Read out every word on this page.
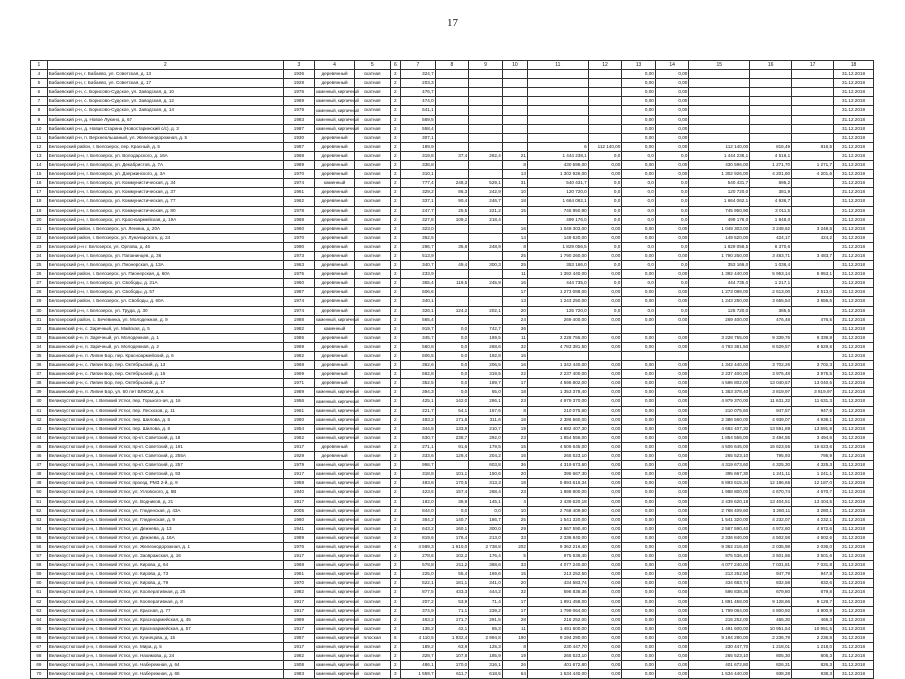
17
1	2	3	4	5	6	7	8	9	10	11	12	13	14	15	16	17	18
4	Бабаевский р-н, г. Бабаево, ул. Советская, д. 13	1936	деревянный	скатная	2	324,7						0,00	0,00				31.12.2018
5	Бабаевский р-н, г. Бабаево, ул. Советская, д. 17	1928	деревянный	скатная	2	203,3						0,00	0,00				31.12.2018
6	Бабаевский р-н, с. Борисово-Судское, ул. Заводская, д. 10	1976	каменный, кирпичный	скатная	2	476,7						0,00	0,00				31.12.2018
7	Бабаевский р-н, с. Борисово-Судское, ул. Заводская, д. 12	1969	каменный, кирпичный	скатная	2	474,0						0,00	0,00				31.12.2018
8	Бабаевский р-н, с. Борисово-Судское, ул. Заводская, д. 14	1979	каменный, кирпичный	скатная	2	541,1						0,00	0,00				31.12.2018
9	Бабаевский р-н, д. Новое Лукино, д. 67	1983	каменный, кирпичный	скатная	2	569,5						0,00	0,00				31.12.2018
10	Бабаевский р-н, д. Новая Старина (Новостаринский с/с), д. 3	1987	каменный, кирпичный	скатная	2	558,4						0,00	0,00				31.12.2018
11	Бабаевский р-н, п. Верхнеольшаный, ул. Железнодорожная, д. 5	1930	деревянный	скатная	2	307,1						0,00	0,00				31.12.2018
12	Белозерский район, г. Белозерск, пер. Красный, д. 5	1987	деревянный	скатная	2	189,9				6	112 140,00	0,00	0,00	112 140,00	816,49	816,5	31.12.2018
13	Белозерский р-н, г. Белозерск, ул. Володарского, д. 16А	1968	деревянный	скатная	2	319,8	37,4	262,4	21	1 444 238,1	0,0	0,0	0,0	1 444 238,1	4 516,1		31.12.2018
14	Белозерский р-н, г. Белозерск, ул. Декабристов, д. 7А	1989	деревянный	скатная	2	338,8			8	430 596,00	0,00	0,00	0,00	430 596,00	1 271,70	1 271,7	31.12.2018
15	Белозерский р-н, г. Белозерск, ул. Дзержинского, д. 3А	1970	деревянный	скатная	2	310,1			13	1 302 926,00	0,00	0,00	0,00	1 302 926,00	4 201,60	4 201,6	31.12.2018
16	Белозерский р-н, г. Белозерск, ул. Коммунистическая, д. 34	1974	каменный	скатная	2	777,4	248,3	529,1	31	540 431,7	0,0	0,0	0,0	540 431,7	695,2		31.12.2018
17	Белозерский р-н, г. Белозерск, ул. Коммунистическая, д. 37	1961	деревянный	скатная	2	329,2	86,3	242,9	10	120 720,0	0,0	0,0	0,0	120 720,0	381,9		31.12.2018
18	Белозерский р-н, г. Белозерск, ул. Коммунистическая, д. 77	1962	деревянный	скатная	2	337,1	90,4	246,7	18	1 664 062,1	0,0	0,0	0,0	1 664 062,1	4 936,7		31.12.2018
19	Белозерский р-н, г. Белозерск, ул. Коммунистическая, д. 80	1978	деревянный	скатная	2	247,7	25,5	221,2	15	745 950,90	0,0	0,0	0,0	745 950,90	3 011,5		31.12.2018
20	Белозерский р-н, г. Белозерск, ул. Красноармейская, д. 19А	1968	деревянный	скатная	2	327,8	109,2	218,4		499 176,0	0,0	0,0	0,0	499 176,0	1 848,0		31.12.2018
21	Белозерский район, г. Белозерск, ул. Ленина, д. 20А	1960	деревянный	скатная	2	323,0			16	1 049 303,00	0,00	0,00	0,00	1 049 303,00	3 248,62	3 248,6	31.12.2018
22	Белозерский район, г. Белозерск, ул. Луначарского, д. 24	1970	деревянный	скатная	2	352,5			14	149 520,00	0,00	0,00	0,00	149 520,00	424,17	424,2	31.12.2018
23	Белозерский р-н г. Белозерск, ул. Орлова, д. 46	1990	деревянный	скатная	2	296,7	35,8	248,9	8	1 829 056,5	0,0	0,0	0,0	1 829 056,5	6 370,6		31.12.2018
24	Белозерский р-н, г. Белозерск, ул. Папанинцев, д. 36	1973	деревянный	скатная	2	513,9			25	1 790 260,00	0,00	0,00	0,00	1 790 260,00	3 483,71	3 483,7	31.12.2018
25	Белозерский р-н, г. Белозерск, ул. Пионерская, д. 13А	1963	деревянный	скатная	2	340,7	49,4	300,3	25	353 166,0	0,0	0,0	0,0	353 166,0	1 036,4		31.12.2018
26	Белозерский район, г. Белозерск, ул. Пионерская, д. 60А	1975	деревянный	скатная	2	233,9			11	1 392 440,00	0,00	0,00	0,00	1 392 440,00	5 953,14	5 953,1	31.12.2018
27	Белозерский р-н, г. Белозерск, ул. Свободы, д. 21А	1960	деревянный	скатная	2	365,4	119,5	245,9	16	444 735,0	0,0	0,0	0,0	444 735,0	1 217,1		31.12.2018
28	Белозерский р-н, г. Белозерск, ул. Свободы, д. 57	1987	деревянный	скатная	2	506,6			17	1 273 088,00	0,00	0,00	0,00	1 273 088,00	2 513,00	2 513,0	31.12.2018
29	Белозерский район, г. Белозерск, ул. Свободы, д. 60А	1974	деревянный	скатная	2	340,1			13	1 243 250,00	0,00	0,00	0,00	1 243 250,00	3 655,54	3 655,5	31.12.2018
30	Белозерский р-н, г. Белозерск, ул. Труда, д. 30	1974	деревянный	скатная	2	326,1	124,2	202,1	20	125 720,0	0,0	0,0	0,0	125 720,0	385,5		31.12.2018
31	Белозерский район, с. Бечевинка, ул. Молодежная, д. 9	1988	каменный, кирпичный	скатная	2	565,4			24	269 400,00	0,00	0,00	0,00	269 400,00	476,48	476,5	31.12.2018
32	Вашкинский р-н, с. Заречный, ул. Майская, д. 5	1982	каменный	скатная	2	919,7	0,0	742,7	36								31.12.2018
33	Вашкинский р-н, п. Заречный, ул. Молодежная, д. 1	1986	деревянный	скатная	2	345,7	0,0	169,5	11	3 228 755,00	0,00	0,00	0,00	3 228 755,00	9 339,76	9 339,8	31.12.2018
34	Вашкинский р-н, п. Заречный, ул. Молодежная, д. 2	1969	деревянный	скатная	2	560,8	0,0	268,6	32	4 783 381,50	0,00	0,00	0,00	4 783 381,50	8 529,57	8 529,6	31.12.2018
35	Вашкинский р-н, п. Липин Бор, пер. Красноармейский, д. 6	1982	деревянный	скатная	2	506,5	0,0	192,8	16								31.12.2018
36	Вашкинский р-н, с. Липин Бор, пер. Октябрьский, д. 13	1968	деревянный	скатная	2	362,6	0,0	206,5	16	1 342 440,00	0,00	0,00	0,00	1 342 440,00	3 702,26	3 702,3	31.12.2018
37	Вашкинский р-н, с. Липин Бор, пер. Октябрьский, д. 15	1969	деревянный	скатная	2	562,8	0,0	319,5	22	2 237 400,00	0,00	0,00	0,00	2 237 400,00	3 975,48	3 975,5	31.12.2018
38	Вашкинский р-н, с. Липин Бор, пер. Октябрьский, д. 17	1971	деревянный	скатная	2	352,5	0,0	189,7	17	4 596 802,00	0,00	0,00	0,00	4 596 802,00	13 040,57	13 040,6	31.12.2018
39	Вашкинский р-н, п. Липин Бор, ул. 60 лет ВЛКСМ, д. 6	1989	каменный, кирпичный	скатная	2	394,3	0,0	65,0	18	1 353 378,40	0,00	0,00	0,00	1 353 378,40	3 819,97	3 819,97	31.12.2018
40	Великоустюгский р-н, г. Великий Устюг, пер. Горького-ая, д. 16	1956	каменный, кирпичный	скатная	2	425,1	142,0	286,1	23	4 979 370,00	0,00	0,00	0,00	4 979 370,00	11 631,32	11 631,3	31.12.2018
41	Великоустюгский р-н, г. Великий Устюг, пер. Лесхозов, д. 11	1961	каменный, кирпичный	скатная	2	221,7	54,1	167,6	8	210 075,60	0,00	0,00	0,00	210 075,60	947,57	947,6	31.12.2018
42	Великоустюгский р-н, г. Великий Устюг, пер. Шилова, д. 6	1960	каменный, кирпичный	скатная	2	483,2	171,8	311,6	18	2 386 560,00	0,00	0,00	0,00	2 386 560,00	4 939,07	4 939,1	31.12.2018
43	Великоустюгский р-н, г. Великий Устюг, пер. Шилова, д. 8	1954	каменный, кирпичный	скатная	2	344,5	133,8	210,7	19	4 682 407,30	0,00	0,00	0,00	4 682 407,30	13 591,89	13 591,9	31.12.2018
44	Великоустюгский р-н, г. Великий Устюг, пр-кт. Советский, д. 18	1962	каменный, кирпичный	скатная	2	630,7	238,7	292,0	23	1 854 556,00	0,00	0,00	0,00	1 854 556,00	3 494,55	3 494,6	31.12.2018
45	Великоустюгский р-н, г. Великий Устюг, пр-кт. Советский, д. 191	1917	деревянный	скатная	2	271,1	91,6	179,5	15	4 506 645,00	0,00	0,00	0,00	4 506 645,00	16 623,55	16 623,6	31.12.2018
46	Великоустюгский р-н, г. Великий Устюг, пр-кт. Советский, д. 255А	1929	деревянный	скатная	2	333,6	129,4	204,2	16	265 523,10	0,00	0,00	0,00	265 523,10	795,93	795,9	31.12.2018
47	Великоустюгский р-н, г. Великий Устюг, пр-кт. Советский, д. 257	1979	каменный, кирпичный	скатная	2	998,7		603,8	36	4 319 673,60	0,00	0,00	0,00	4 319 673,60	4 325,30	4 325,3	31.12.2018
48	Великоустюгский р-н, г. Великий Устюг, пр-кт. Советский, д. 93	1917	каменный, кирпичный	скатная	2	318,8	101,1	150,6	20	395 667,30	0,00	0,00	0,00	395 667,30	1 241,11	1 241,1	31.12.2018
49	Великоустюгский р-н, г. Великий Устюг, проезд. РМЗ 2-й, д. 9	1958	каменный, кирпичный	скатная	2	483,8	170,5	313,3	18	5 893 615,34	0,00	0,00	0,00	5 893 615,34	12 186,66	12 187,0	31.12.2018
50	Великоустюгский р-н, г. Великий Устюг, ул. Угловского, д. 5В	1940	каменный, кирпичный	скатная	2	423,6	157,4	268,4	23	1 988 800,00	0,00	0,00	0,00	1 988 800,00	4 670,74	4 670,7	31.12.2018
51	Великоустюгский р-н, г. Великий Устюг, ул. Водников, д. 21	1917	каменный, кирпичный	скатная	2	182,0	36,9	145,1	4	2 439 620,18	0,00	0,00	0,00	2 439 620,18	13 404,51	13 404,5	31.12.2018
52	Великоустюгский р-н, г. Великий Устюг, ул. Гледенская, д. 43А	2005	каменный, кирпичный	скатная	2	844,0	0,0	0,0	10	2 768 409,60	0,00	0,00	0,00	2 768 409,60	3 280,11	3 280,1	31.12.2018
53	Великоустюгский р-н, г. Великий Устюг, ул. Гледенская, д. 9	1960	каменный, кирпичный	скатная	2	364,2	140,7	186,7	25	1 541 320,00	0,00	0,00	0,00	1 541 320,00	4 232,07	4 232,1	31.12.2018
54	Великоустюгский р-н, г. Великий Устюг, ул. Дежнева, д. 13	1941	каменный, кирпичный	скатная	2	643,2	160,1	300,0	29	2 567 590,40	0,00	0,00	0,00	2 567 590,40	4 972,60	4 972,6	31.12.2018
55	Великоустюгский р-н, г. Великий Устюг, ул. Дежнева, д. 16А	1989	каменный, кирпичный	скатная	2	819,6	176,4	213,0	33	2 336 840,00	0,00	0,00	0,00	2 336 840,00	4 502,58	4 502,6	31.12.2018
56	Великоустюгский р-н, г. Великий Устюг, ул. Железнодорожная, д. 1	1976	каменный, кирпичный	скатная	4	4 599,3	1 610,0	2 738,8	202	9 362 216,40	0,00	0,00	0,00	9 362 216,40	2 035,98	2 036,0	31.12.2018
57	Великоустюгский р-н, г. Великий Устюг, ул. Заовражская, д. 16	1917	каменный, кирпичный	скатная	2	278,6	102,2	176,4	5	975 536,40	0,00	0,00	0,00	975 536,40	3 501,56	3 501,6	31.12.2018
58	Великоустюгский р-н, г. Великий Устюг, ул. Кирова, д. 64	1968	каменный, кирпичный	скатная	2	578,8	211,2	368,6	33	4 077 240,00	0,00	0,00	0,00	4 077 240,00	7 031,81	7 031,8	31.12.2018
59	Великоустюгский р-н, г. Великий Устюг, ул. Кирова, д. 73	1961	каменный, кирпичный	скатная	2	225,0	55,4	169,6	15	213 252,50	0,00	0,00	0,00	213 252,50	947,79	947,8	31.12.2018
60	Великоустюгский р-н, г. Великий Устюг, ул. Кирова, д. 79	1970	каменный, кирпичный	скатная	2	522,1	181,1	341,0	20	434 683,74	0,00	0,00	0,00	434 683,74	832,58	832,6	31.12.2018
61	Великоустюгский р-н, г. Великий Устюг, ул. Кооперативная, д. 25	1982	каменный, кирпичный	скатная	2	877,5	433,3	444,2	32	596 838,36	0,00	0,00	0,00	596 838,36	679,80	679,8	31.12.2018
62	Великоустюгский р-н, г. Великий Устюг, ул. Кооперативная, д. 8	1917	каменный, кирпичный	скатная	2	207,2	53,9	71,4	17	1 891 458,00	0,00	0,00	0,00	1 891 458,00	9 128,66	9 128,7	31.12.2018
63	Великоустюгский р-н, г. Великий Устюг, ул. Красная, д. 77	1917	каменный, кирпичный	скатная	2	374,9	71,1	239,2	17	1 799 064,00	0,00	0,00	0,00	1 799 064,00	4 800,92	4 800,9	31.12.2018
64	Великоустюгский р-н, г. Великий Устюг, ул. Красноармейская, д. 45	1969	каменный, кирпичный	скатная	2	463,2	171,7	291,5	28	215 252,00	0,00	0,00	0,00	215 252,00	465,30	465,3	31.12.2018
65	Великоустюгский р-н, г. Великий Устюг, ул. Красноармейская, д. 57	1917	каменный, кирпичный	скатная	2	136,2	42,1	65,3	11	1 491 600,00	0,00	0,00	0,00	1 491 600,00	10 951,54	10 951,5	31.12.2018
66	Великоустюгский р-н, г. Великий Устюг, ул. Кузнецова, д. 15	1987	каменный, кирпичный	плоская	5	4 110,5	1 932,4	2 994,8	190	9 194 290,00	0,00	0,00	0,00	9 194 290,00	2 236,78	2 236,8	31.12.2018
67	Великоустюгский р-н, г. Великий Устюг, ул. Мира, д. 5	1917	каменный, кирпичный	скатная	2	189,2	63,9	125,3	8	230 447,70	0,00	0,00	0,00	230 447,70	1 218,01	1 218,0	31.12.2018
68	Великоустюгский р-н, г. Великий Устюг, ул. Нахимова, д. 24	1982	каменный, кирпичный	скатная	2	328,7	107,8	185,9	19	265 523,10	0,00	0,00	0,00	265 523,10	805,30	805,3	31.12.2018
69	Великоустюгский р-н, г. Великий Устюг, ул. Набережная, д. 64	1908	каменный, кирпичный	скатная	2	486,1	170,0	316,1	26	401 672,80	0,00	0,00	0,00	401 672,80	826,31	826,3	31.12.2018
70	Великоустюгский р-н, г. Великий Устюг, ул. Набережная, д. 65	1983	каменный, кирпичный	скатная	3	1 559,7	611,7	618,5	64	1 534 440,00	0,00	0,00	0,00	1 534 440,00	938,28	938,3	31.12.2018
